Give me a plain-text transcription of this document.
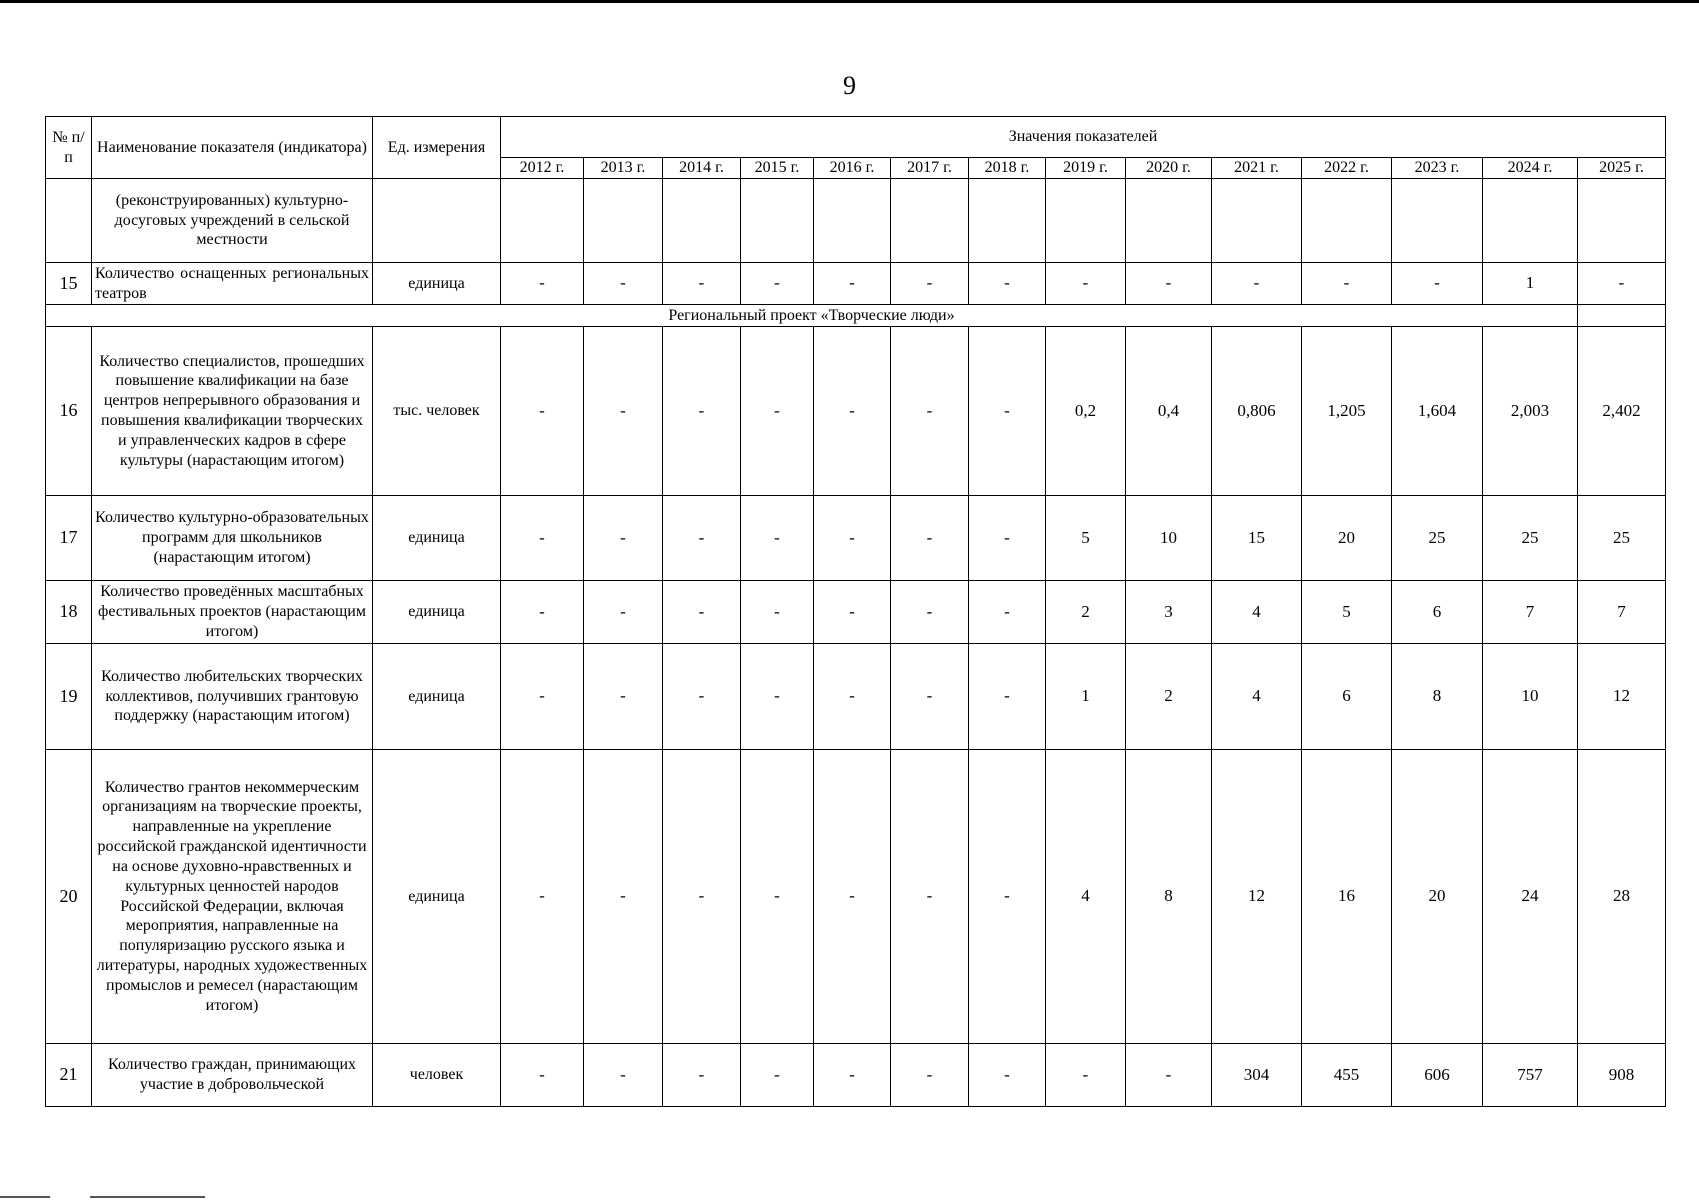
9
№ п/п	Наименование показателя (индикатора)	Ед. измерения	Значения показателей													
			2012 г.	2013 г.	2014 г.	2015 г.	2016 г.	2017 г.	2018 г.	2019 г.	2020 г.	2021 г.	2022 г.	2023 г.	2024 г.	2025 г.
	(реконструированных) культурно-досуговых учреждений в сельской местности															
15	Количество оснащенных региональных театров	единица	-	-	-	-	-	-	-	-	-	-	-	-	1	-
Региональный проект «Творческие люди»																
16	Количество специалистов, прошедших повышение квалификации на базе центров непрерывного образования и повышения квалификации творческих и управленческих кадров в сфере культуры (нарастающим итогом)	тыс. человек	-	-	-	-	-	-	-	0,2	0,4	0,806	1,205	1,604	2,003	2,402
17	Количество культурно-образовательных программ для школьников (нарастающим итогом)	единица	-	-	-	-	-	-	-	5	10	15	20	25	25	25
18	Количество проведённых масштабных фестивальных проектов (нарастающим итогом)	единица	-	-	-	-	-	-	-	2	3	4	5	6	7	7
19	Количество любительских творческих коллективов, получивших грантовую поддержку (нарастающим итогом)	единица	-	-	-	-	-	-	-	1	2	4	6	8	10	12
20	Количество грантов некоммерческим организациям на творческие проекты, направленные на укрепление российской гражданской идентичности на основе духовно-нравственных и культурных ценностей народов Российской Федерации, включая мероприятия, направленные на популяризацию русского языка и литературы, народных художественных промыслов и ремесел (нарастающим итогом)	единица	-	-	-	-	-	-	-	4	8	12	16	20	24	28
21	Количество граждан, принимающих участие в добровольческой	человек	-	-	-	-	-	-	-	-	-	304	455	606	757	908
